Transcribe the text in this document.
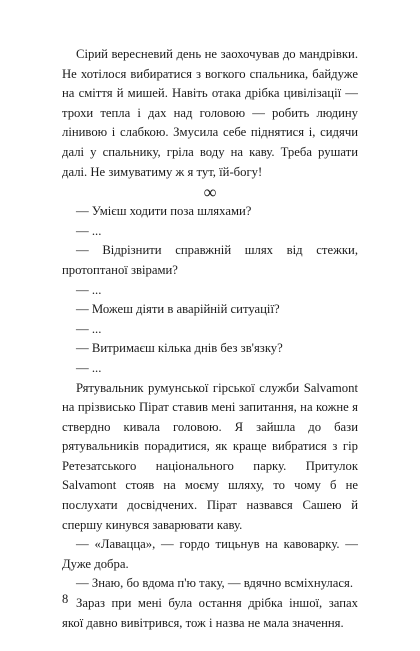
Сірий вересневий день не заохочував до мандрівки. Не хотілося вибиратися з вогкого спальника, байдуже на сміття й мишей. Навіть отака дрібка цивілізації — трохи тепла і дах над головою — робить людину лінивою і слабкою. Змусила себе піднятися і, сидячи далі у спальнику, гріла воду на каву. Треба рушати далі. Не зимуватиму ж я тут, їй-богу!

∞

— Умієш ходити поза шляхами?

— ...

— Відрізнити справжній шлях від стежки, протоптаної звірами?

— ...

— Можеш діяти в аварійній ситуації?

— ...

— Витримаєш кілька днів без зв'язку?

— ...

Рятувальник румунської гірської служби Salvamont на прізвисько Пірат ставив мені запитання, на кожне я ствердно кивала головою. Я зайшла до бази рятувальників порадитися, як краще вибратися з гір Ретезатського національного парку. Притулок Salvamont стояв на моєму шляху, то чому б не послухати досвідчених. Пірат назвався Сашею й спершу кинувся заварювати каву.

— «Лавацца», — гордо тицьнув на кавоварку. — Дуже добра.

— Знаю, бо вдома п'ю таку, — вдячно всміхнулася.

Зараз при мені була остання дрібка іншої, запах якої давно вивітрився, тож і назва не мала значення.

8
